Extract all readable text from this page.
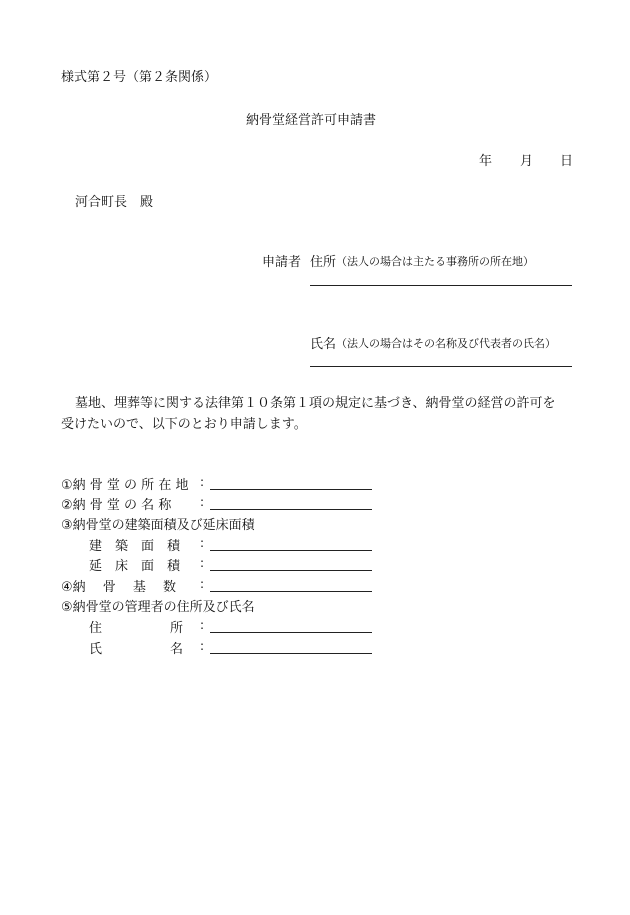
様式第２号（第２条関係）
納骨堂経営許可申請書
年 月 日
河合町長　殿
申請者 住所 （法人の場合は主たる事務所の所在地）
氏名 （法人の場合はその名称及び代表者の氏名）
墓地、埋葬等に関する法律第１０条第１項の規定に基づき、納骨堂の経営の許可を
受けたいので、以下のとおり申請します。
①納 骨 堂 の 所 在 地 :
②納 骨 堂 の 名 称 :
③納骨堂の建築面積及び延床面積
建　築　面　積 :
延　床　面　積 :
④納　 骨　 基　 数 :
⑤納骨堂の管理者の住所及び氏名
住	所 :
氏	名 :
